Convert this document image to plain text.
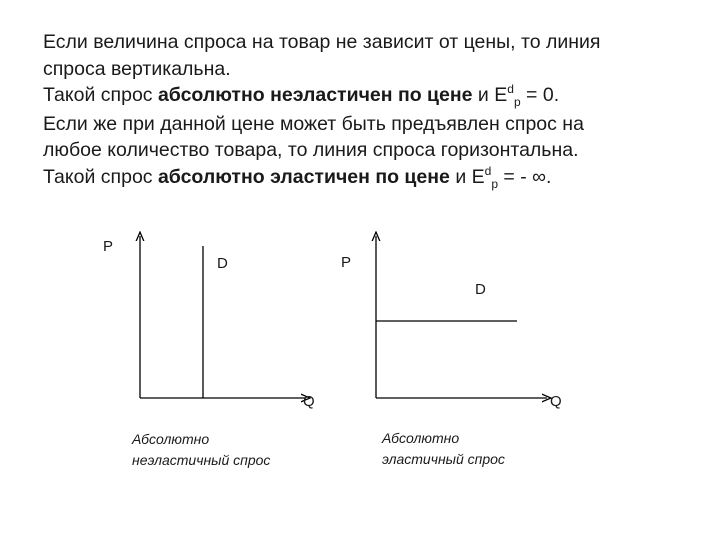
Если величина спроса на товар не зависит от цены, то линия
спроса вертикальна.
Такой спрос абсолютно неэластичен по цене и $E^d_p = 0$.
Если же при данной цене может быть предъявлен спрос на
любое количество товара, то линия спроса горизонтальна.
Такой спрос абсолютно эластичен по цене и $E^d_p$ = - ∞.
P
D
Q
Абсолютно
неэластичный спрос
P
D
Q
Абсолютно
эластичный спрос
